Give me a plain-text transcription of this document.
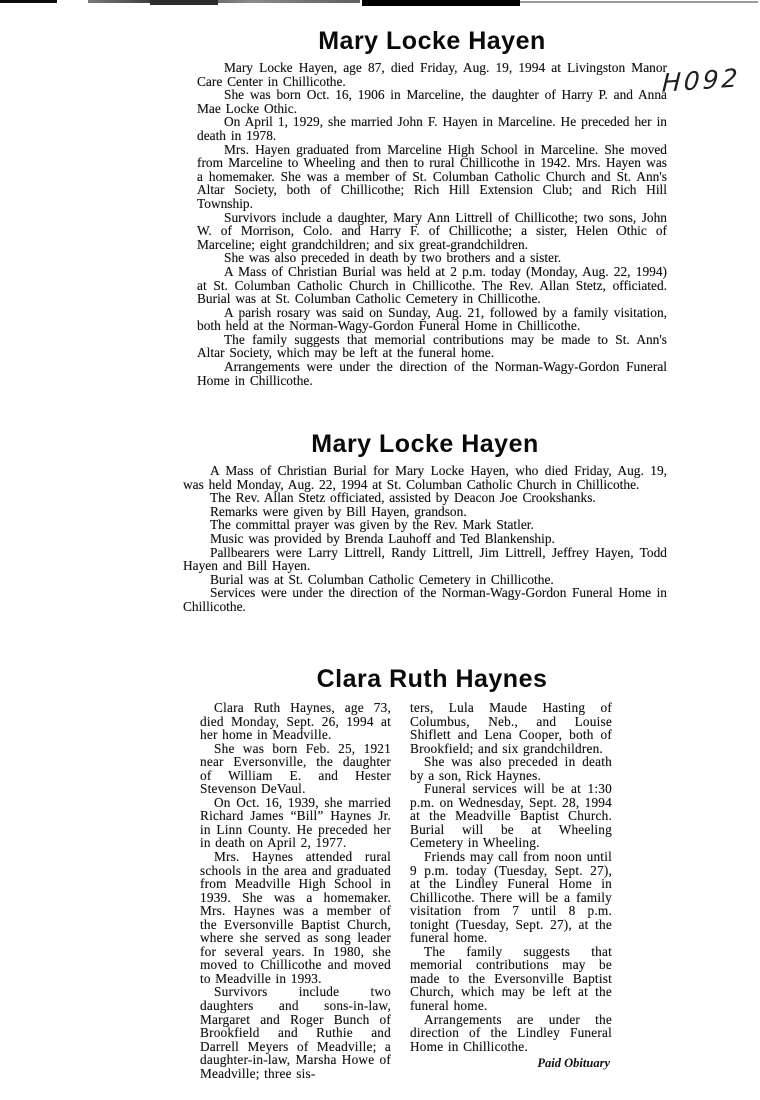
H092
Mary Locke Hayen

Mary Locke Hayen, age 87, died Friday, Aug. 19, 1994 at Livingston Manor Care Center in Chillicothe.

She was born Oct. 16, 1906 in Marceline, the daughter of Harry P. and Anna Mae Locke Othic.

On April 1, 1929, she married John F. Hayen in Marceline. He preceded her in death in 1978.

Mrs. Hayen graduated from Marceline High School in Marceline. She moved from Marceline to Wheeling and then to rural Chillicothe in 1942. Mrs. Hayen was a homemaker. She was a member of St. Columban Catholic Church and St. Ann's Altar Society, both of Chillicothe; Rich Hill Extension Club; and Rich Hill Township.

Survivors include a daughter, Mary Ann Littrell of Chillicothe; two sons, John W. of Morrison, Colo. and Harry F. of Chillicothe; a sister, Helen Othic of Marceline; eight grandchildren; and six great-grandchildren.

She was also preceded in death by two brothers and a sister.

A Mass of Christian Burial was held at 2 p.m. today (Monday, Aug. 22, 1994) at St. Columban Catholic Church in Chillicothe. The Rev. Allan Stetz, officiated. Burial was at St. Columban Catholic Cemetery in Chillicothe.

A parish rosary was said on Sunday, Aug. 21, followed by a family visitation, both held at the Norman-Wagy-Gordon Funeral Home in Chillicothe.

The family suggests that memorial contributions may be made to St. Ann's Altar Society, which may be left at the funeral home.

Arrangements were under the direction of the Norman-Wagy-Gordon Funeral Home in Chillicothe.

Mary Locke Hayen

A Mass of Christian Burial for Mary Locke Hayen, who died Friday, Aug. 19, was held Monday, Aug. 22, 1994 at St. Columban Catholic Church in Chillicothe.

The Rev. Allan Stetz officiated, assisted by Deacon Joe Crookshanks.

Remarks were given by Bill Hayen, grandson.

The committal prayer was given by the Rev. Mark Statler.

Music was provided by Brenda Lauhoff and Ted Blankenship.

Pallbearers were Larry Littrell, Randy Littrell, Jim Littrell, Jeffrey Hayen, Todd Hayen and Bill Hayen.

Burial was at St. Columban Catholic Cemetery in Chillicothe.

Services were under the direction of the Norman-Wagy-Gordon Funeral Home in Chillicothe.

Clara Ruth Haynes

Clara Ruth Haynes, age 73, died Monday, Sept. 26, 1994 at her home in Meadville.

She was born Feb. 25, 1921 near Eversonville, the daughter of William E. and Hester Stevenson DeVaul.

On Oct. 16, 1939, she married Richard James “Bill” Haynes Jr. in Linn County. He preceded her in death on April 2, 1977.

Mrs. Haynes attended rural schools in the area and graduated from Meadville High School in 1939. She was a homemaker. Mrs. Haynes was a member of the Eversonville Baptist Church, where she served as song leader for several years. In 1980, she moved to Chillicothe and moved to Meadville in 1993.

Survivors include two daughters and sons-in-law, Margaret and Roger Bunch of Brookfield and Ruthie and Darrell Meyers of Meadville; a daughter-in-law, Marsha Howe of Meadville; three sis-

ters, Lula Maude Hasting of Columbus, Neb., and Louise Shiflett and Lena Cooper, both of Brookfield; and six grandchildren.

She was also preceded in death by a son, Rick Haynes.

Funeral services will be at 1:30 p.m. on Wednesday, Sept. 28, 1994 at the Meadville Baptist Church. Burial will be at Wheeling Cemetery in Wheeling.

Friends may call from noon until 9 p.m. today (Tuesday, Sept. 27), at the Lindley Funeral Home in Chillicothe. There will be a family visitation from 7 until 8 p.m. tonight (Tuesday, Sept. 27), at the funeral home.

The family suggests that memorial contributions may be made to the Eversonville Baptist Church, which may be left at the funeral home.

Arrangements are under the direction of the Lindley Funeral Home in Chillicothe.

Paid Obituary
